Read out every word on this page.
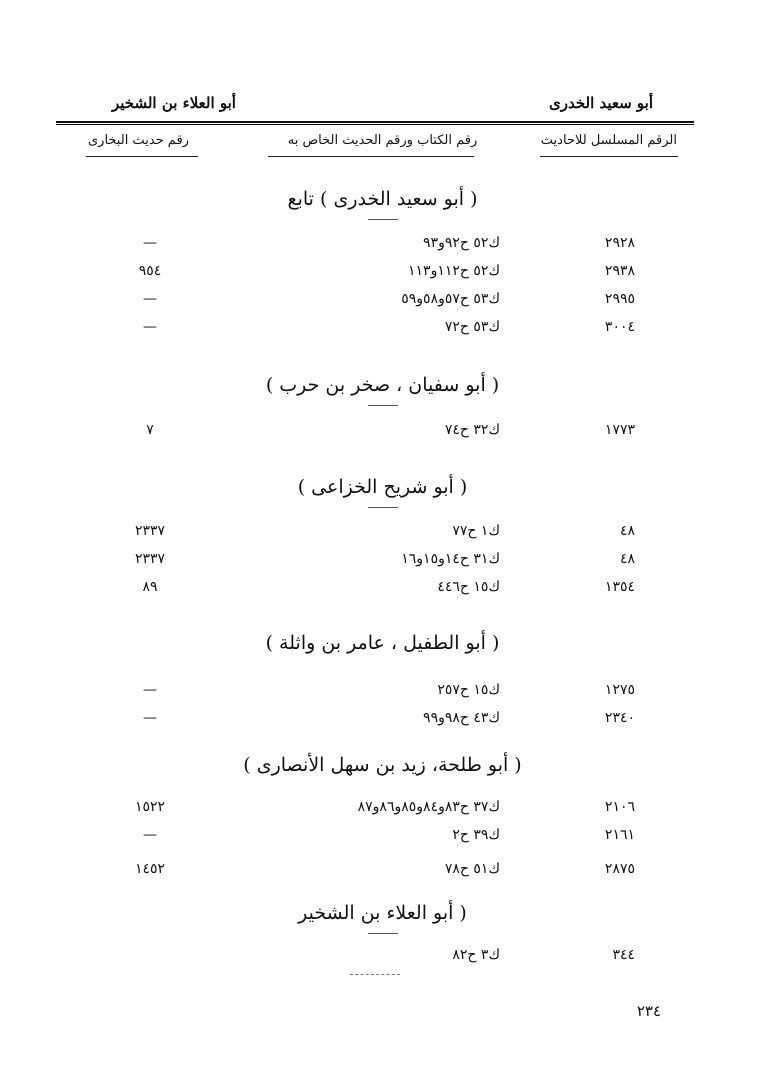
أبو سعيد الخدرى
أبو العلاء بن الشخير
الرقم المسلسل للاحاديث
رقم الكتاب ورقم الحديث الخاص به
رقم حديث البخارى
( أبو سعيد الخدرى ) تابع
٢٩٢٨
ك٥٢ ح٩٢و٩٣
—
٢٩٣٨
ك٥٢ ح١١٢و١١٣
٩٥٤
٢٩٩٥
ك٥٣ ح٥٧و٥٨و٥٩
—
٣٠٠٤
ك٥٣ ح٧٢
—
( أبو سفيان ، صخر بن حرب )
١٧٧٣
ك٣٢ ح٧٤
٧
( أبو شريح الخزاعى )
٤٨
ك١ ح٧٧
٢٣٣٧
٤٨
ك٣١ ح١٤و١٥و١٦
٢٣٣٧
١٣٥٤
ك١٥ ح٤٤٦
٨٩
( أبو الطفيل ، عامر بن واثلة )
١٢٧٥
ك١٥ ح٢٥٧
—
٢٣٤٠
ك٤٣ ح٩٨و٩٩
—
( أبو طلحة، زيد بن سهل الأنصارى )
٢١٠٦
ك٣٧ ح٨٣و٨٤و٨٥و٨٦و٨٧
١٥٢٢
٢١٦١
ك٣٩ ح٢
—
٢٨٧٥
ك٥١ ح٧٨
١٤٥٢
( أبو العلاء بن الشخير
٣٤٤
ك٣ ح٨٢
٢٣٤
